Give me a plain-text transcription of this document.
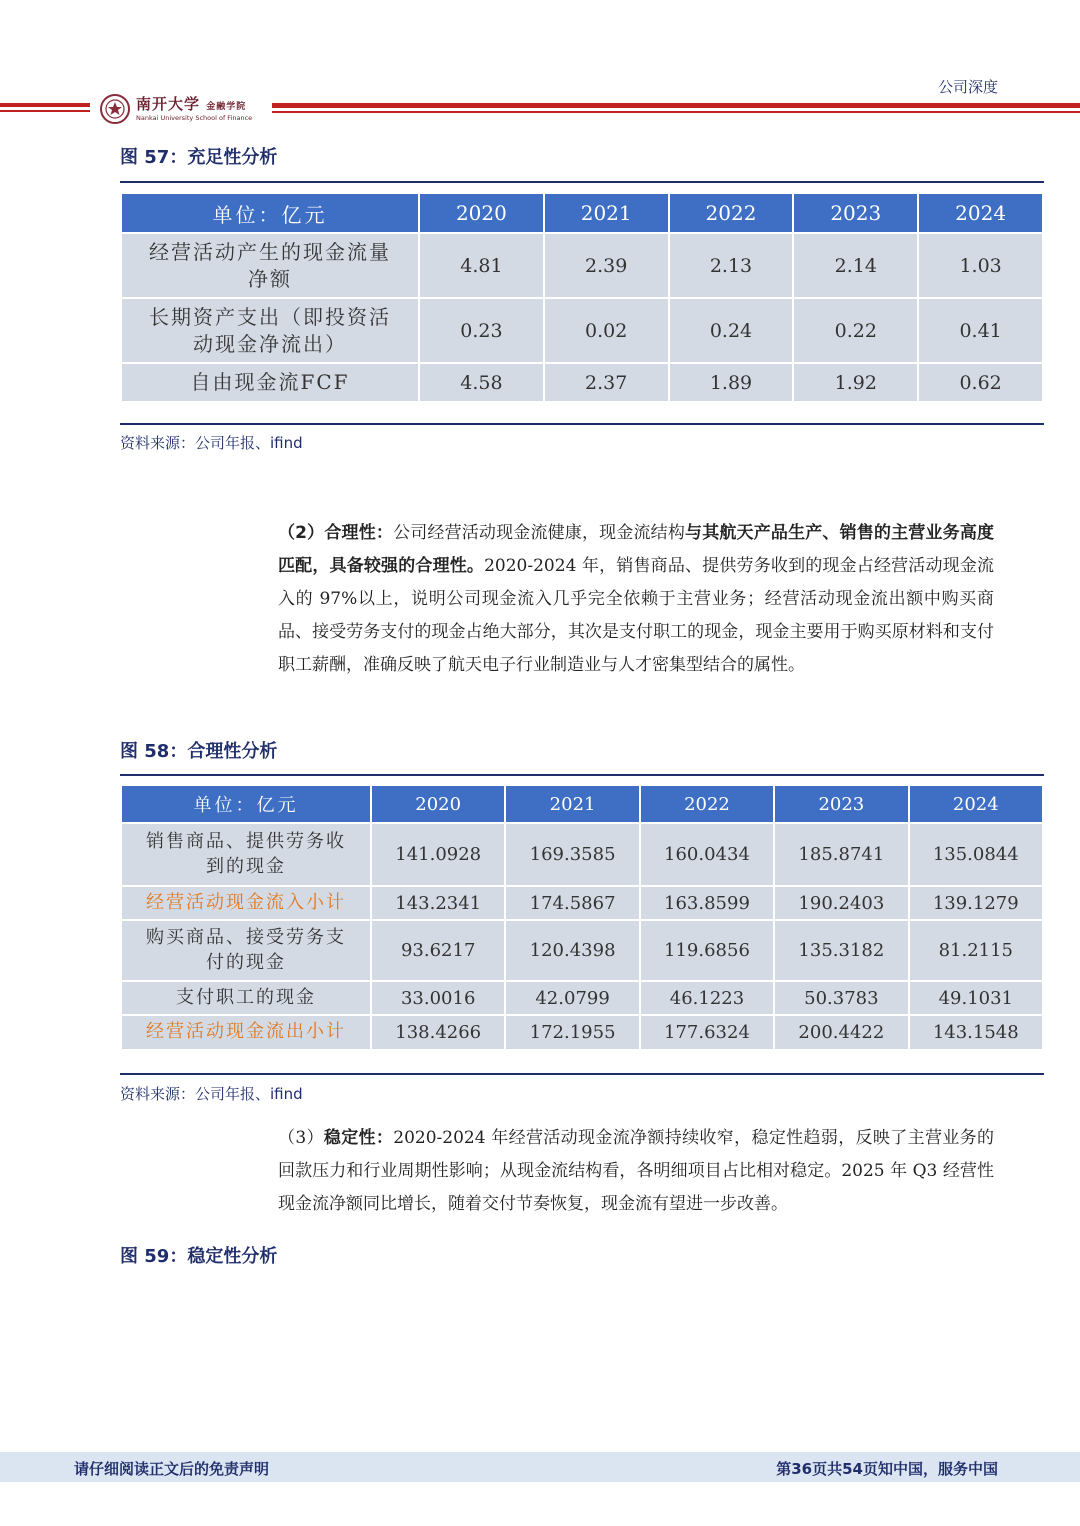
公司深度
南开大学 金融学院
Nankai University School of Finance
图 57：充足性分析
单位：亿元	2020	2021	2022	2023	2024

经营活动产生的现金流量
净额	4.81	2.39	2.13	2.14	1.03

长期资产支出（即投资活
动现金净流出）	0.23	0.02	0.24	0.22	0.41

自由现金流FCF	4.58	2.37	1.89	1.92	0.62
资料来源：公司年报、ifind
（2）合理性：公司经营活动现金流健康，现金流结构与其航天产品生产、销售的主营业务高度匹配，具备较强的合理性。2020-2024 年，销售商品、提供劳务收到的现金占经营活动现金流入的 97%以上，说明公司现金流入几乎完全依赖于主营业务；经营活动现金流出额中购买商品、接受劳务支付的现金占绝大部分，其次是支付职工的现金，现金主要用于购买原材料和支付职工薪酬，准确反映了航天电子行业制造业与人才密集型结合的属性。
图 58：合理性分析
单位：亿元	2020	2021	2022	2023	2024

销售商品、提供劳务收
到的现金	141.0928	169.3585	160.0434	185.8741	135.0844

经营活动现金流入小计	143.2341	174.5867	163.8599	190.2403	139.1279

购买商品、接受劳务支
付的现金	93.6217	120.4398	119.6856	135.3182	81.2115

支付职工的现金	33.0016	42.0799	46.1223	50.3783	49.1031

经营活动现金流出小计	138.4266	172.1955	177.6324	200.4422	143.1548
资料来源：公司年报、ifind
（3）稳定性：2020-2024 年经营活动现金流净额持续收窄，稳定性趋弱，反映了主营业务的回款压力和行业周期性影响；从现金流结构看，各明细项目占比相对稳定。2025 年 Q3 经营性现金流净额同比增长，随着交付节奏恢复，现金流有望进一步改善。
图 59：稳定性分析
请仔细阅读正文后的免责声明	第36页共54页知中国，服务中国
